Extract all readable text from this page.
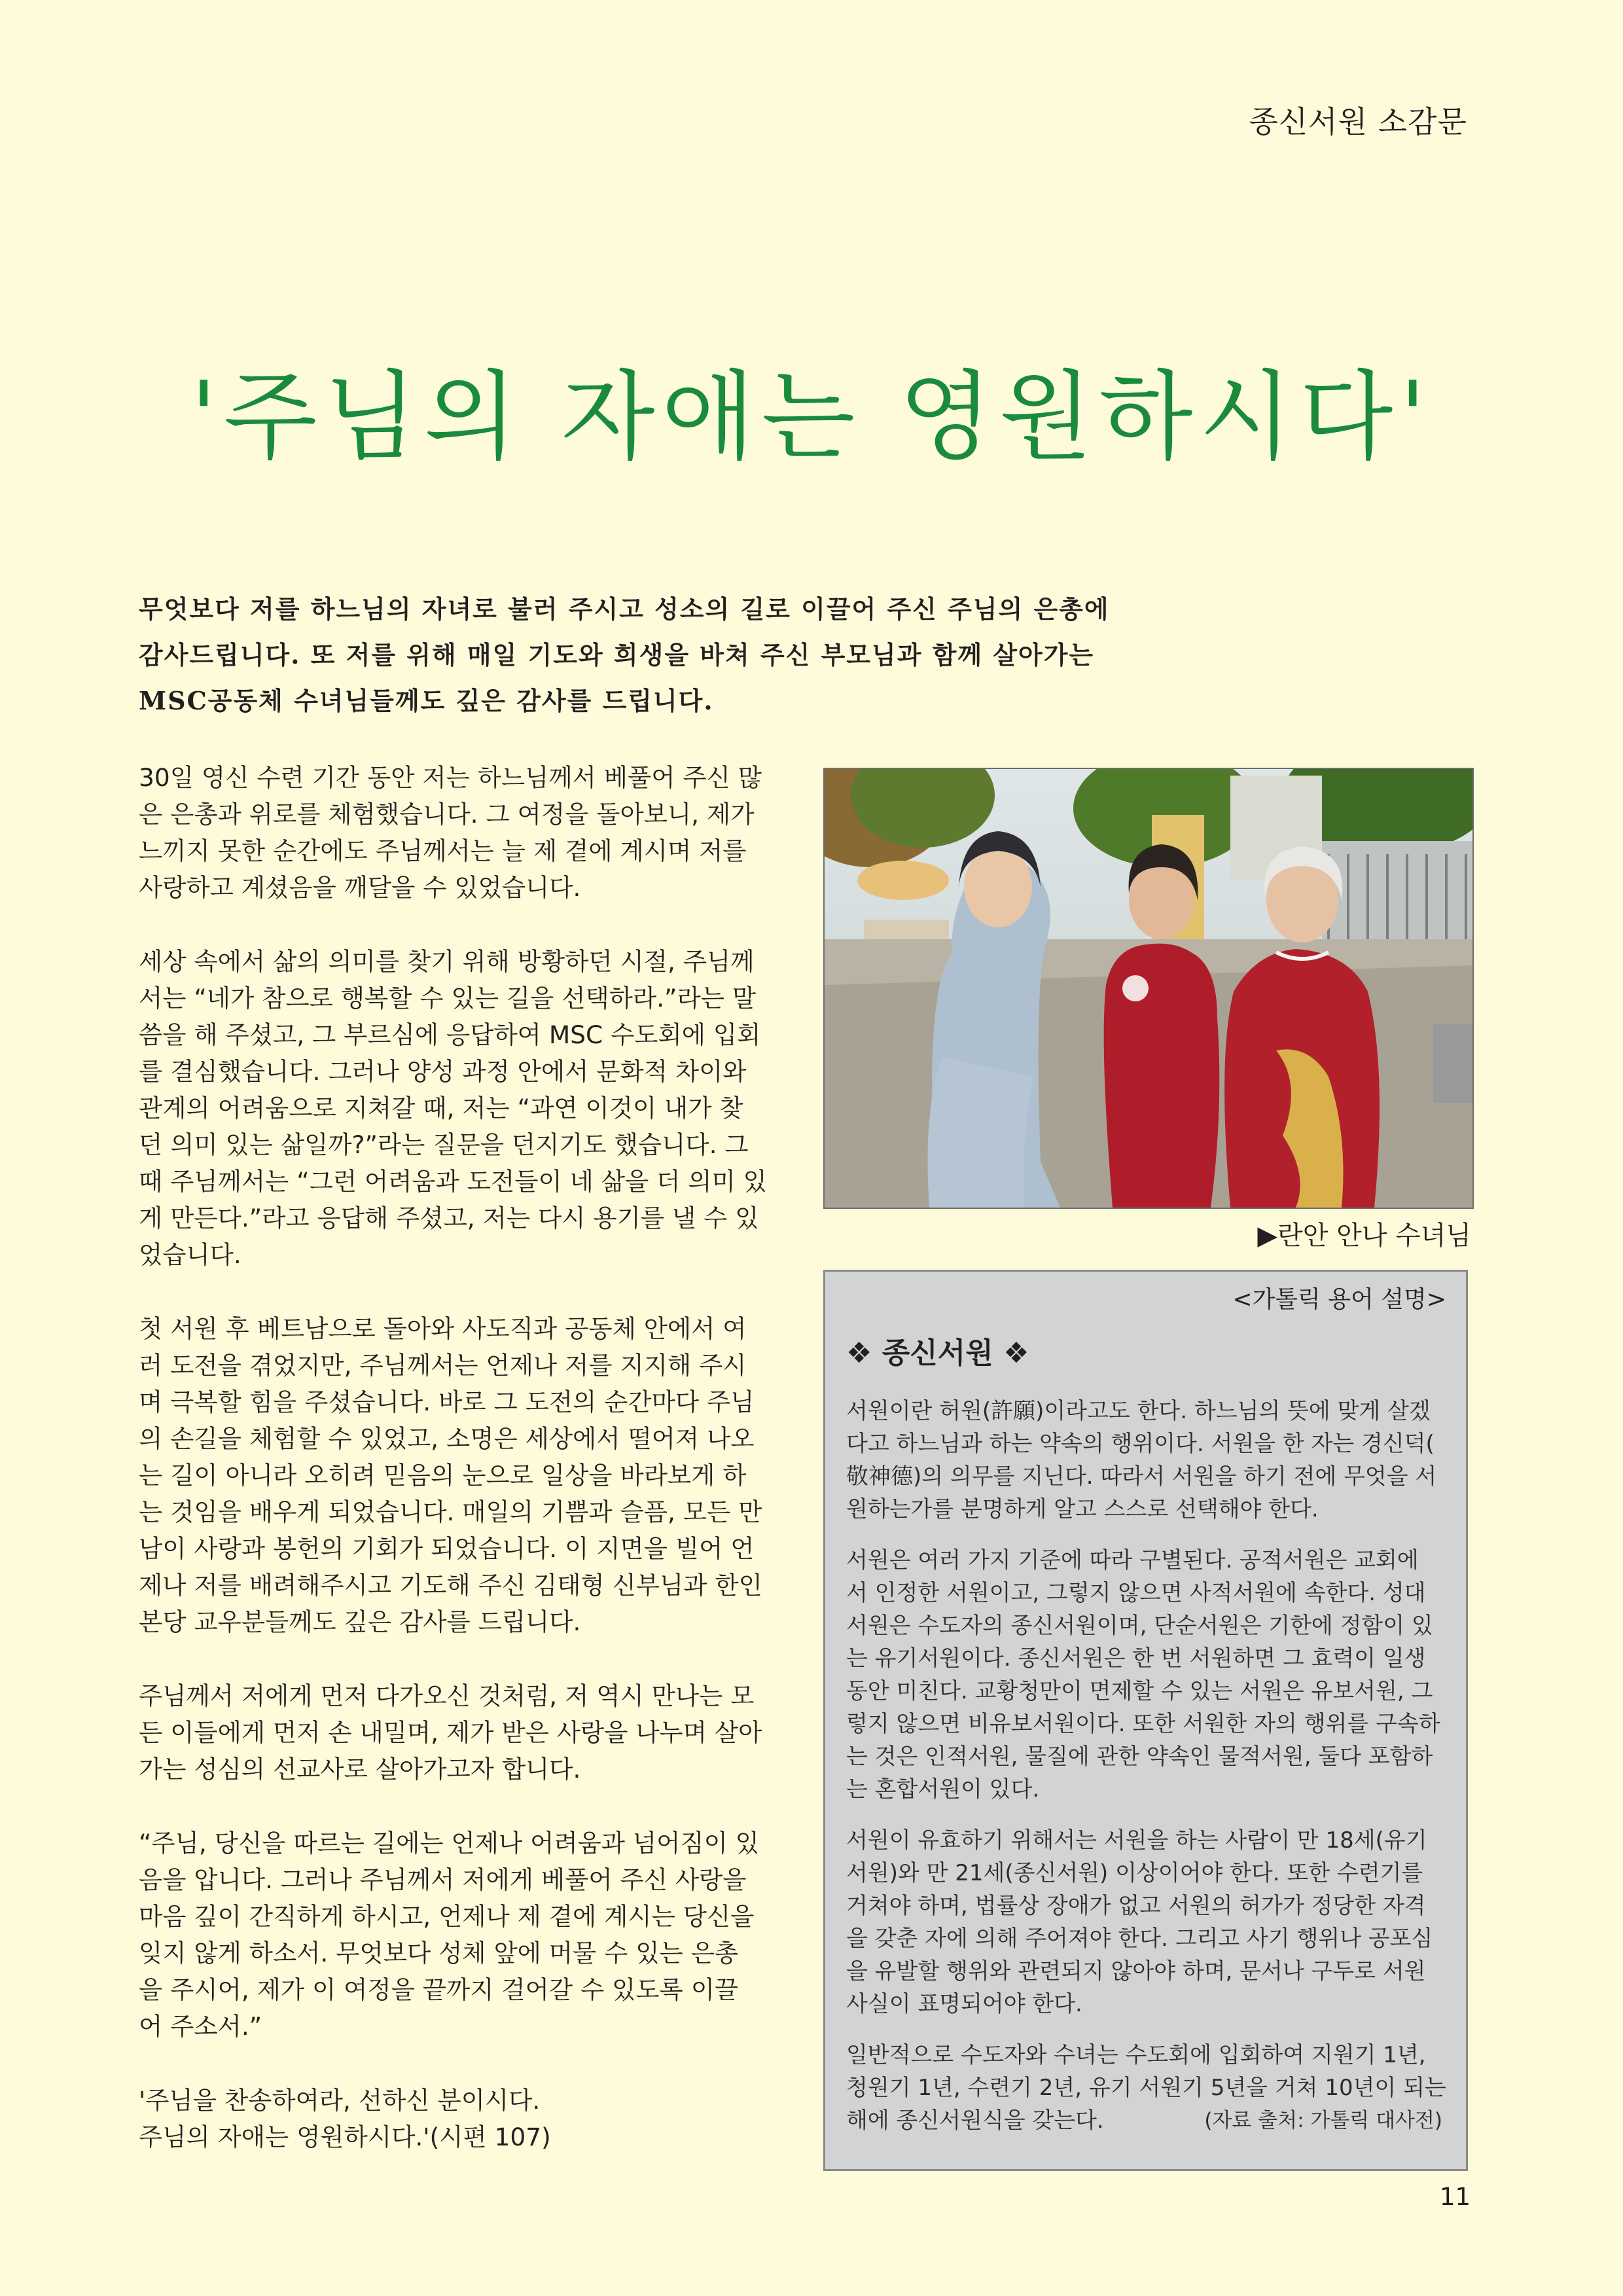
종신서원 소감문
'주님의 자애는 영원하시다'
무엇보다 저를 하느님의 자녀로 불러 주시고 성소의 길로 이끌어 주신 주님의 은총에
감사드립니다. 또 저를 위해 매일 기도와 희생을 바쳐 주신 부모님과 함께 살아가는
MSC공동체 수녀님들께도 깊은 감사를 드립니다.

30일 영신 수련 기간 동안 저는 하느님께서 베풀어 주신 많
은 은총과 위로를 체험했습니다. 그 여정을 돌아보니, 제가
느끼지 못한 순간에도 주님께서는 늘 제 곁에 계시며 저를
사랑하고 계셨음을 깨달을 수 있었습니다.

세상 속에서 삶의 의미를 찾기 위해 방황하던 시절, 주님께
서는 “네가 참으로 행복할 수 있는 길을 선택하라.”라는 말
씀을 해 주셨고, 그 부르심에 응답하여 MSC 수도회에 입회
를 결심했습니다. 그러나 양성 과정 안에서 문화적 차이와
관계의 어려움으로 지쳐갈 때, 저는 “과연 이것이 내가 찾
던 의미 있는 삶일까?”라는 질문을 던지기도 했습니다. 그
때 주님께서는 “그런 어려움과 도전들이 네 삶을 더 의미 있
게 만든다.”라고 응답해 주셨고, 저는 다시 용기를 낼 수 있
었습니다.

첫 서원 후 베트남으로 돌아와 사도직과 공동체 안에서 여
러 도전을 겪었지만, 주님께서는 언제나 저를 지지해 주시
며 극복할 힘을 주셨습니다. 바로 그 도전의 순간마다 주님
의 손길을 체험할 수 있었고, 소명은 세상에서 떨어져 나오
는 길이 아니라 오히려 믿음의 눈으로 일상을 바라보게 하
는 것임을 배우게 되었습니다. 매일의 기쁨과 슬픔, 모든 만
남이 사랑과 봉헌의 기회가 되었습니다. 이 지면을 빌어 언
제나 저를 배려해주시고 기도해 주신 김태형 신부님과 한인
본당 교우분들께도 깊은 감사를 드립니다.

주님께서 저에게 먼저 다가오신 것처럼, 저 역시 만나는 모
든 이들에게 먼저 손 내밀며, 제가 받은 사랑을 나누며 살아
가는 성심의 선교사로 살아가고자 합니다.

“주님, 당신을 따르는 길에는 언제나 어려움과 넘어짐이 있
음을 압니다. 그러나 주님께서 저에게 베풀어 주신 사랑을
마음 깊이 간직하게 하시고, 언제나 제 곁에 계시는 당신을
잊지 않게 하소서. 무엇보다 성체 앞에 머물 수 있는 은총
을 주시어, 제가 이 여정을 끝까지 걸어갈 수 있도록 이끌
어 주소서.”

'주님을 찬송하여라, 선하신 분이시다.
주님의 자애는 영원하시다.'(시편 107)

▶란안 안나 수녀님
<가톨릭 용어 설명>
❖ 종신서원 ❖

서원이란 허원(許願)이라고도 한다. 하느님의 뜻에 맞게 살겠
다고 하느님과 하는 약속의 행위이다. 서원을 한 자는 경신덕(
敬神德)의 의무를 지닌다. 따라서 서원을 하기 전에 무엇을 서
원하는가를 분명하게 알고 스스로 선택해야 한다.

서원은 여러 가지 기준에 따라 구별된다. 공적서원은 교회에
서 인정한 서원이고, 그렇지 않으면 사적서원에 속한다. 성대
서원은 수도자의 종신서원이며, 단순서원은 기한에 정함이 있
는 유기서원이다. 종신서원은 한 번 서원하면 그 효력이 일생
동안 미친다. 교황청만이 면제할 수 있는 서원은 유보서원, 그
렇지 않으면 비유보서원이다. 또한 서원한 자의 행위를 구속하
는 것은 인적서원, 물질에 관한 약속인 물적서원, 둘다 포함하
는 혼합서원이 있다.

서원이 유효하기 위해서는 서원을 하는 사람이 만 18세(유기
서원)와 만 21세(종신서원) 이상이어야 한다. 또한 수련기를
거쳐야 하며, 법률상 장애가 없고 서원의 허가가 정당한 자격
을 갖춘 자에 의해 주어져야 한다. 그리고 사기 행위나 공포심
을 유발할 행위와 관련되지 않아야 하며, 문서나 구두로 서원
사실이 표명되어야 한다.

일반적으로 수도자와 수녀는 수도회에 입회하여 지원기 1년,
청원기 1년, 수련기 2년, 유기 서원기 5년을 거쳐 10년이 되는
해에 종신서원식을 갖는다.	(자료 출처: 가톨릭 대사전)

11
